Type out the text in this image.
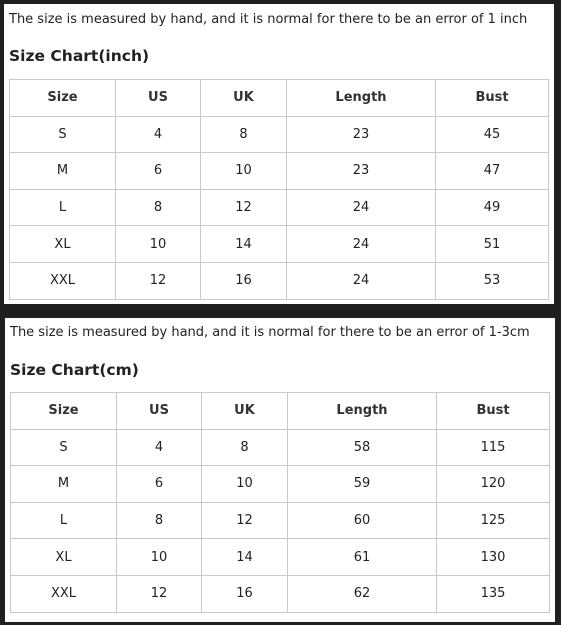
The size is measured by hand, and it is normal for there to be an error of 1 inch
Size Chart(inch)
Size	US	UK	Length	Bust
S	4	8	23	45
M	6	10	23	47
L	8	12	24	49
XL	10	14	24	51
XXL	12	16	24	53
The size is measured by hand, and it is normal for there to be an error of 1-3cm
Size Chart(cm)
Size	US	UK	Length	Bust
S	4	8	58	115
M	6	10	59	120
L	8	12	60	125
XL	10	14	61	130
XXL	12	16	62	135
